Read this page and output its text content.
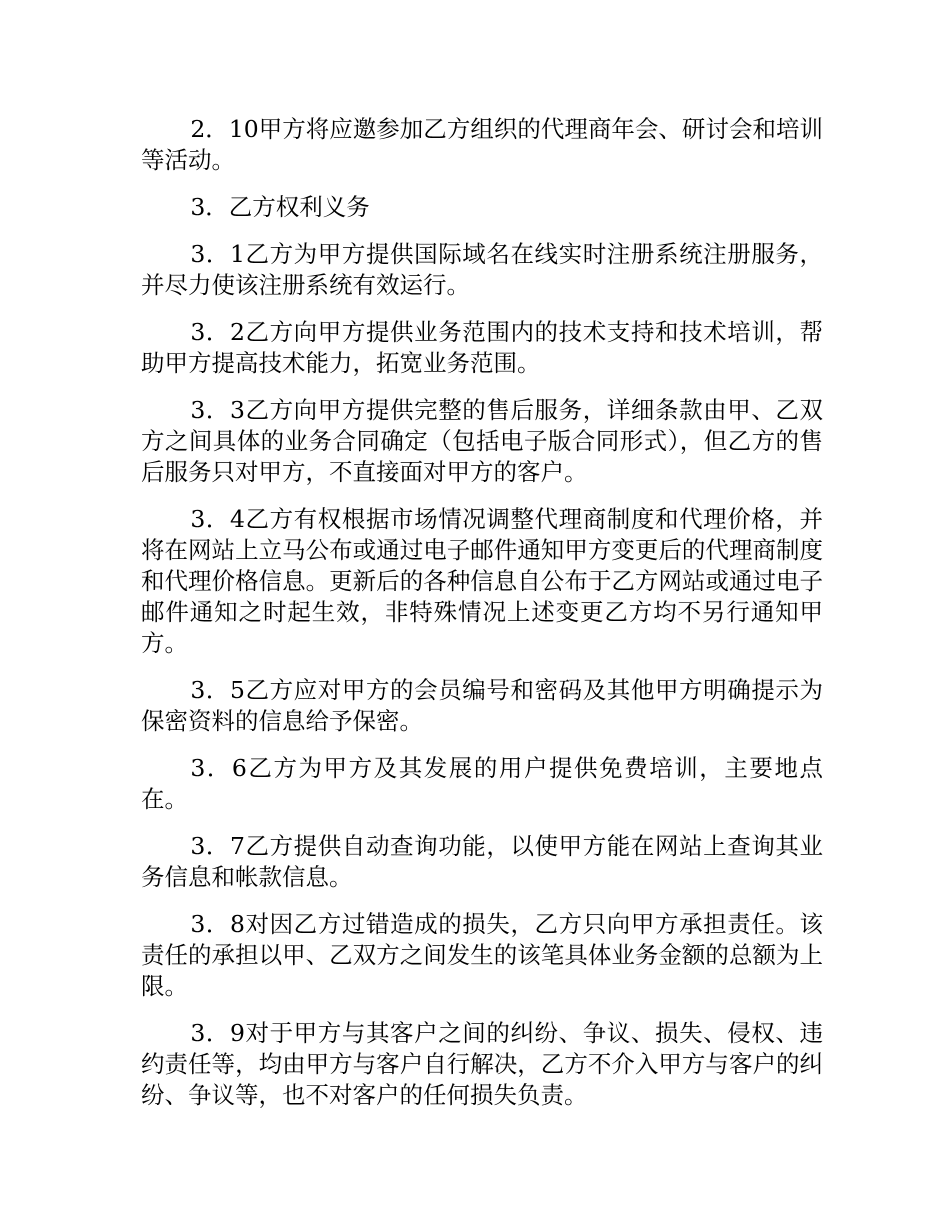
2．10甲方将应邀参加乙方组织的代理商年会、研讨会和培训等活动。

3．乙方权利义务

3．1乙方为甲方提供国际域名在线实时注册系统注册服务，并尽力使该注册系统有效运行。

3．2乙方向甲方提供业务范围内的技术支持和技术培训，帮助甲方提高技术能力，拓宽业务范围。

3．3乙方向甲方提供完整的售后服务，详细条款由甲、乙双方之间具体的业务合同确定（包括电子版合同形式），但乙方的售后服务只对甲方，不直接面对甲方的客户。

3．4乙方有权根据市场情况调整代理商制度和代理价格，并将在网站上立马公布或通过电子邮件通知甲方变更后的代理商制度和代理价格信息。更新后的各种信息自公布于乙方网站或通过电子邮件通知之时起生效，非特殊情况上述变更乙方均不另行通知甲方。

3．5乙方应对甲方的会员编号和密码及其他甲方明确提示为保密资料的信息给予保密。

3．6乙方为甲方及其发展的用户提供免费培训，主要地点在。

3．7乙方提供自动查询功能，以使甲方能在网站上查询其业务信息和帐款信息。

3．8对因乙方过错造成的损失，乙方只向甲方承担责任。该责任的承担以甲、乙双方之间发生的该笔具体业务金额的总额为上限。

3．9对于甲方与其客户之间的纠纷、争议、损失、侵权、违约责任等，均由甲方与客户自行解决，乙方不介入甲方与客户的纠纷、争议等，也不对客户的任何损失负责。
